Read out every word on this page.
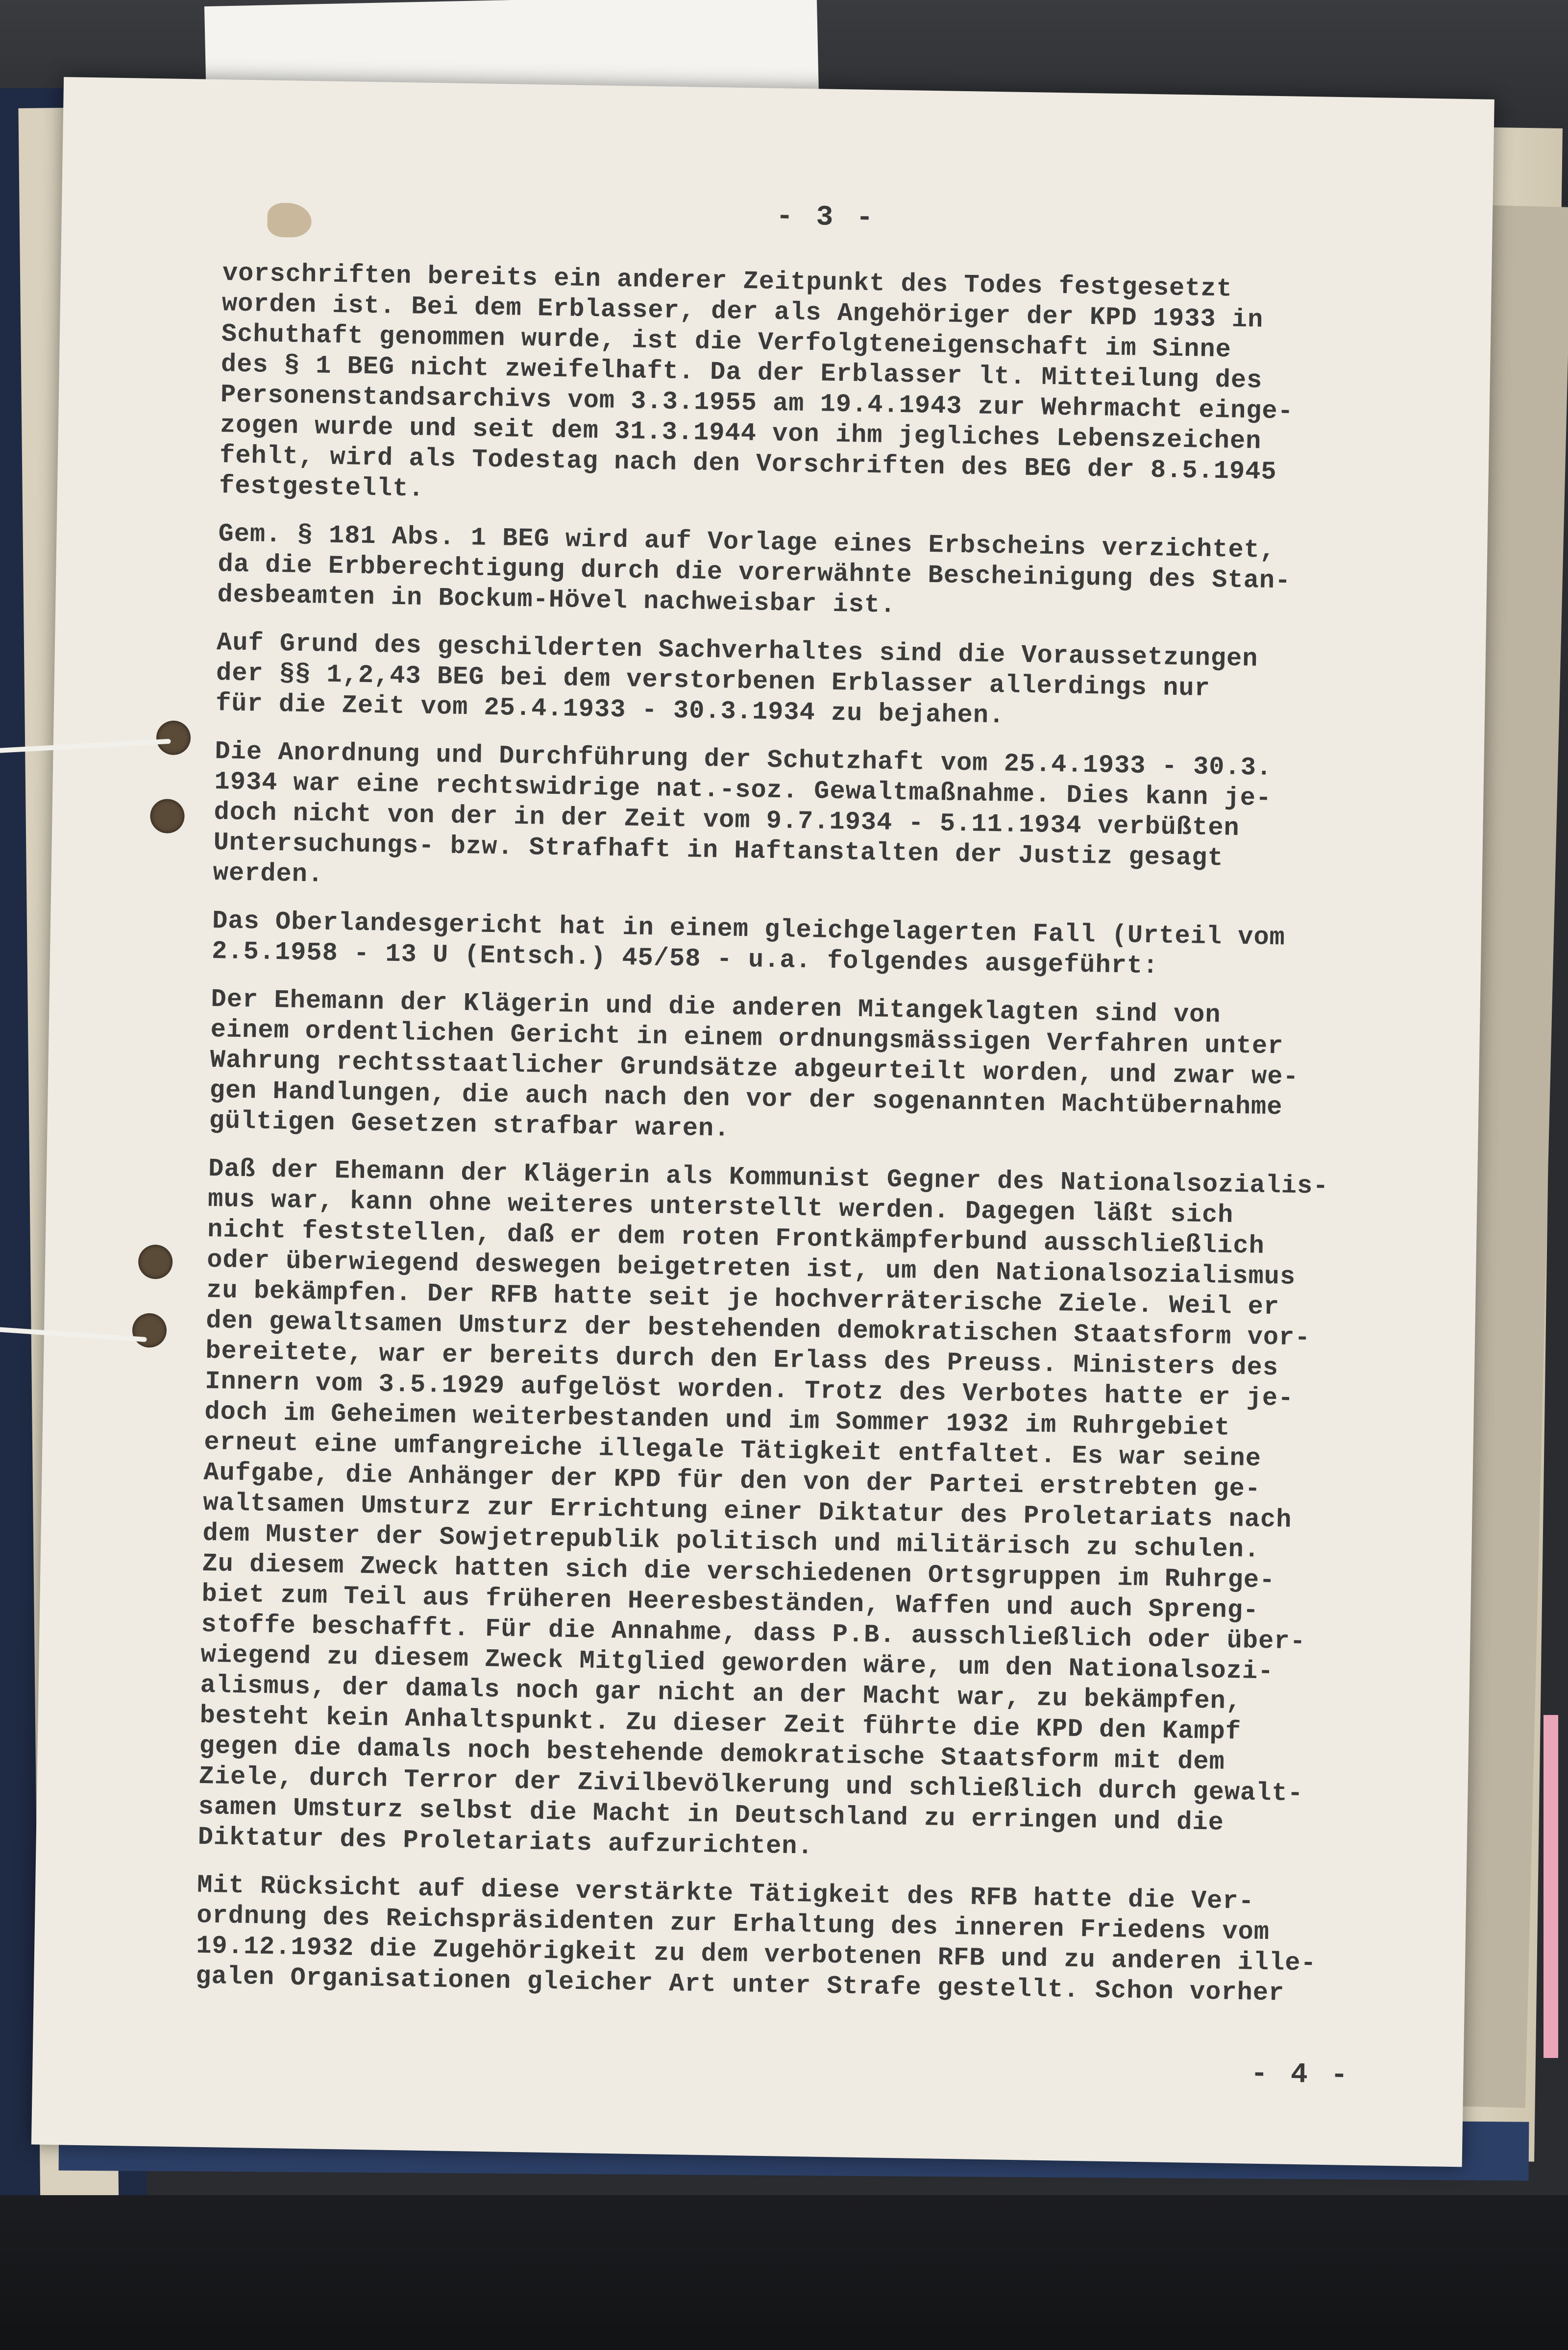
- 3 -

vorschriften bereits ein anderer Zeitpunkt des Todes festgesetzt
worden ist. Bei dem Erblasser, der als Angehöriger der KPD 1933 in
Schuthaft genommen wurde, ist die Verfolgteneigenschaft im Sinne
des § 1 BEG nicht zweifelhaft. Da der Erblasser lt. Mitteilung des
Personenstandsarchivs vom 3.3.1955 am 19.4.1943 zur Wehrmacht einge-
zogen wurde und seit dem 31.3.1944 von ihm jegliches Lebenszeichen
fehlt, wird als Todestag nach den Vorschriften des BEG der 8.5.1945
festgestellt.

Gem. § 181 Abs. 1 BEG wird auf Vorlage eines Erbscheins verzichtet,
da die Erbberechtigung durch die vorerwähnte Bescheinigung des Stan-
desbeamten in Bockum-Hövel nachweisbar ist.

Auf Grund des geschilderten Sachverhaltes sind die Voraussetzungen
der §§ 1,2,43 BEG bei dem verstorbenen Erblasser allerdings nur
für die Zeit vom 25.4.1933 - 30.3.1934 zu bejahen.

Die Anordnung und Durchführung der Schutzhaft vom 25.4.1933 - 30.3.
1934 war eine rechtswidrige nat.-soz. Gewaltmaßnahme. Dies kann je-
doch nicht von der in der Zeit vom 9.7.1934 - 5.11.1934 verbüßten
Untersuchungs- bzw. Strafhaft in Haftanstalten der Justiz gesagt
werden.

Das Oberlandesgericht hat in einem gleichgelagerten Fall (Urteil vom
2.5.1958 - 13 U (Entsch.) 45/58 - u.a. folgendes ausgeführt:

Der Ehemann der Klägerin und die anderen Mitangeklagten sind von
einem ordentlichen Gericht in einem ordnungsmässigen Verfahren unter
Wahrung rechtsstaatlicher Grundsätze abgeurteilt worden, und zwar we-
gen Handlungen, die auch nach den vor der sogenannten Machtübernahme
gültigen Gesetzen strafbar waren.

Daß der Ehemann der Klägerin als Kommunist Gegner des Nationalsozialis-
mus war, kann ohne weiteres unterstellt werden. Dagegen läßt sich
nicht feststellen, daß er dem roten Frontkämpferbund ausschließlich
oder überwiegend deswegen beigetreten ist, um den Nationalsozialismus
zu bekämpfen. Der RFB hatte seit je hochverräterische Ziele. Weil er
den gewaltsamen Umsturz der bestehenden demokratischen Staatsform vor-
bereitete, war er bereits durch den Erlass des Preuss. Ministers des
Innern vom 3.5.1929 aufgelöst worden. Trotz des Verbotes hatte er je-
doch im Geheimen weiterbestanden und im Sommer 1932 im Ruhrgebiet
erneut eine umfangreiche illegale Tätigkeit entfaltet. Es war seine
Aufgabe, die Anhänger der KPD für den von der Partei erstrebten ge-
waltsamen Umsturz zur Errichtung einer Diktatur des Proletariats nach
dem Muster der Sowjetrepublik politisch und militärisch zu schulen.
Zu diesem Zweck hatten sich die verschiedenen Ortsgruppen im Ruhrge-
biet zum Teil aus früheren Heeresbeständen, Waffen und auch Spreng-
stoffe beschafft. Für die Annahme, dass P.B. ausschließlich oder über-
wiegend zu diesem Zweck Mitglied geworden wäre, um den Nationalsozi-
alismus, der damals noch gar nicht an der Macht war, zu bekämpfen,
besteht kein Anhaltspunkt. Zu dieser Zeit führte die KPD den Kampf
gegen die damals noch bestehende demokratische Staatsform mit dem
Ziele, durch Terror der Zivilbevölkerung und schließlich durch gewalt-
samen Umsturz selbst die Macht in Deutschland zu erringen und die
Diktatur des Proletariats aufzurichten.

Mit Rücksicht auf diese verstärkte Tätigkeit des RFB hatte die Ver-
ordnung des Reichspräsidenten zur Erhaltung des inneren Friedens vom
19.12.1932 die Zugehörigkeit zu dem verbotenen RFB und zu anderen ille-
galen Organisationen gleicher Art unter Strafe gestellt. Schon vorher

- 4 -
